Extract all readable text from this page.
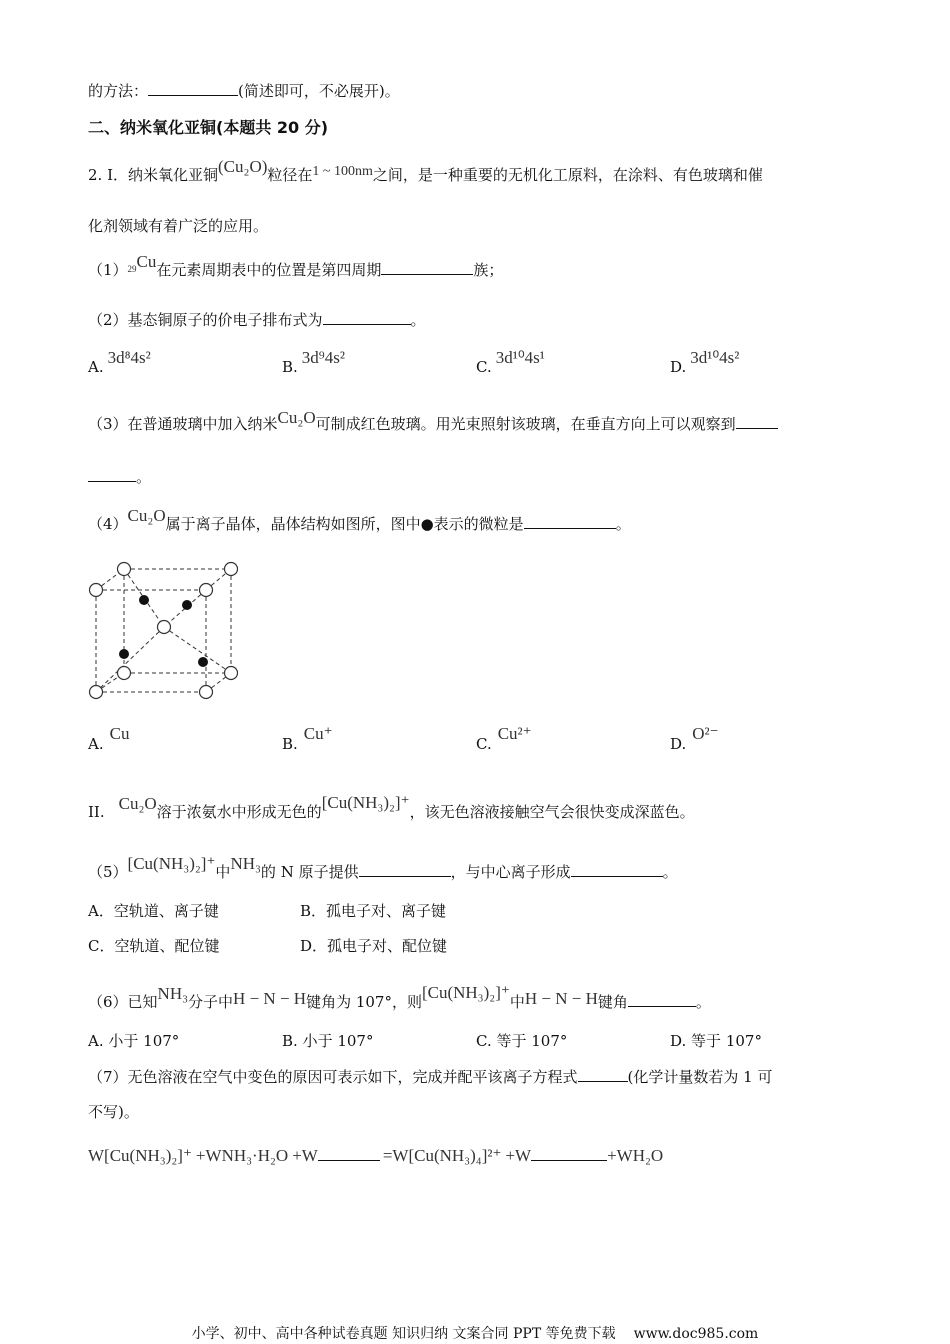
的方法：	(简述即可，不必展开)。
二、纳米氧化亚铜(本题共 20 分)
2. I．纳米氧化亚铜(Cu₂O)粒径在1 ~ 100nm之间，是一种重要的无机化工原料，在涂料、有色玻璃和催
化剂领域有着广泛的应用。
$(1)^{29}Cu$在元素周期表中的位置是第四周期	族；
（2）基态铜原子的价电子排布式为	。
A. 3d⁸4s²	B. 3d⁹4s²	C. 3d¹⁰4s¹	D. 3d¹⁰4s²
（3）在普通玻璃中加入纳米Cu₂O可制成红色玻璃。用光束照射该玻璃，在垂直方向上可以观察到
。
（4）Cu₂O属于离子晶体，晶体结构如图所，图中●表示的微粒是	。
A.Cu
B.Cu⁺
C.Cu²⁺
D.O²⁻
II. Cu₂O溶于浓氨水中形成无色的[Cu(NH₃)₂]⁺，该无色溶液接触空气会很快变成深蓝色。
（5）[Cu(NH₃)₂]⁺中NH₃的 N 原子提供	，与中心离子形成	。
A．空轨道、离子键	B．孤电子对、离子键
C．空轨道、配位键	D．孤电子对、配位键
（6）已知NH₃分子中H − N − H键角为 107°，则[Cu(NH₃)₂]⁺中H − N − H键角	。
A. 小于 107°	B. 小于 107°	C. 等于 107°	D. 等于 107°
（7）无色溶液在空气中变色的原因可表示如下，完成并配平该离子方程式	(化学计量数若为 1 可
不写)。
W[Cu(NH₃)₂]⁺ +WNH₃·H₂O +W	=W[Cu(NH₃)₄]²⁺ +W	+WH₂O
小学、初中、高中各种试卷真题 知识归纳 文案合同 PPT 等免费下载 www.doc985.com
